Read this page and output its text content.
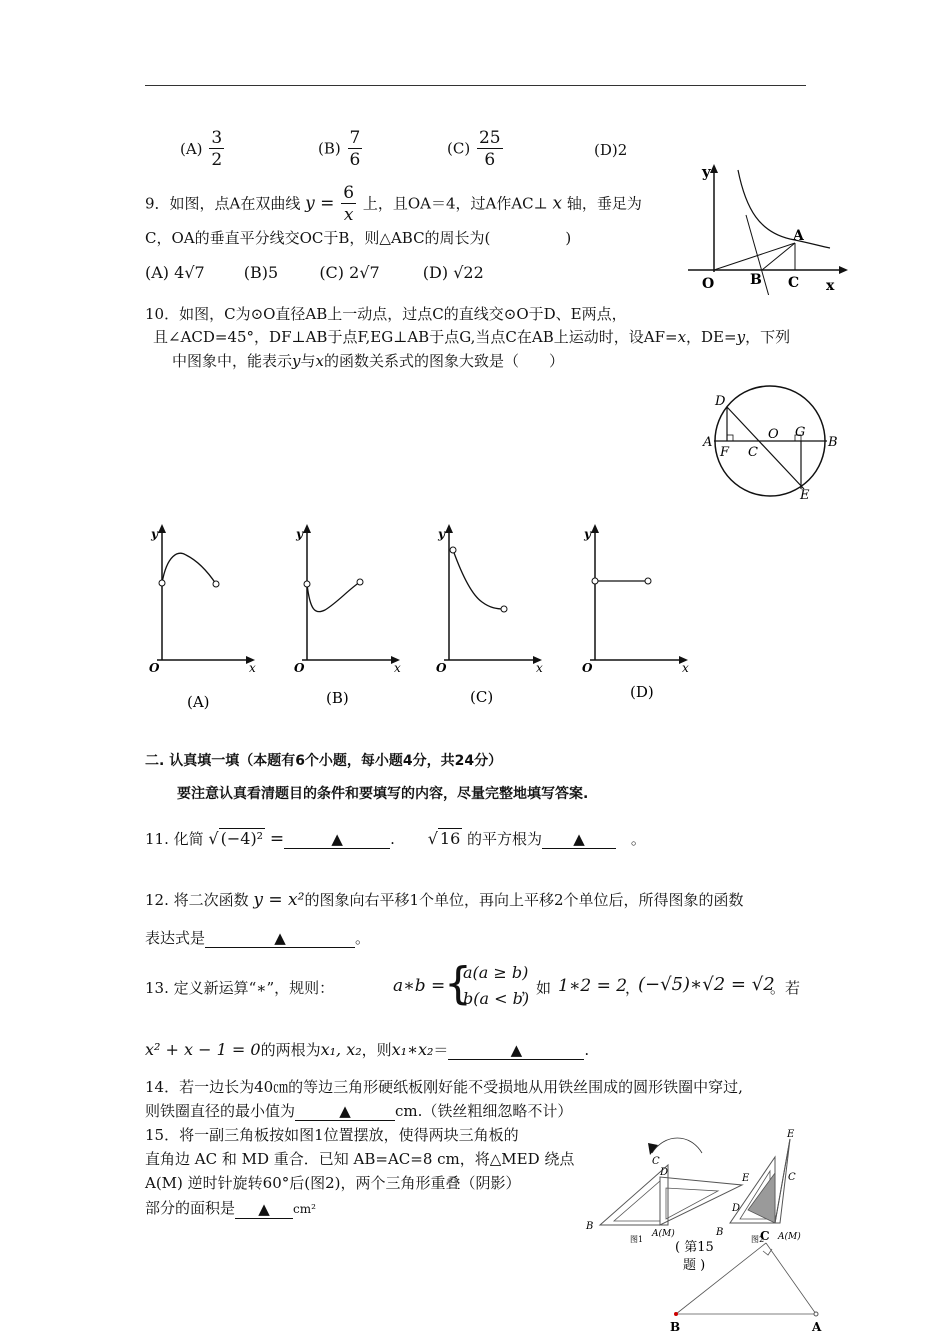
$(A) \frac{3}{2}$	$(B) \frac{7}{6}$	$(C) \frac{25}{6}$	(D)2
9．如图，点A在双曲线 $y = \frac{6}{x}$ 上，且OA＝4，过A作AC⊥ x 轴，垂足为
C，OA的垂直平分线交OC于B，则△ABC的周长为(　　　　　)
(A) 4√7 (B)5	(C) 2√7	(D) √22
y
O	B C
A
x
10．如图，C为⊙O直径AB上一动点，过点C的直线交⊙O于D、E两点，
且∠ACD=45°，DF⊥AB于点F,EG⊥AB于点G,当点C在AB上运动时，设AF=x，DE=y，下列
中图象中，能表示y与x的函数关系式的图象大致是（　　）
D
A
F C
O G
B
E
y
O	x
(A)
y
O	x
(B)
y
O	x
(C)
y
O	x
(D)
二. 认真填一填（本题有6个小题，每小题4分，共24分）
要注意认真看清题目的条件和要填写的内容，尽量完整地填写答案.
11. 化简 √ (−4)² =	▲	. √ 16 的平方根为 ▲	。
12. 将二次函数 y = x²的图象向右平移1个单位，再向上平移2个单位后，所得图象的函数
表达式是	▲	。
13. 定义新运算“∗”，规则：	a∗b =
{
a(a ≥ b)
b(a < b)
，如 1∗2 = 2
，
(−√5)∗√2 = √2
。若
x² + x − 1 = 0的两根为x₁, x₂，则x₁∗x₂＝	▲	.
14．若一边长为40㎝的等边三角形硬纸板刚好能不受损地从用铁丝围成的圆形铁圈中穿过,
则铁圈直径的最小值为	▲	cm.（铁丝粗细忽略不计）
15．将一副三角板按如图1位置摆放，使得两块三角板的
直角边 AC 和 MD 重合．已知 AB=AC=8 cm，将△MED 绕点
A(M) 逆时针旋转60°后(图2)，两个三角形重叠（阴影）
部分的面积是 ▲ cm²
C
D
E
B
A(M)
图1
E
C
D
B	A(M)
图2
( 第15
题 )
C
B	A
